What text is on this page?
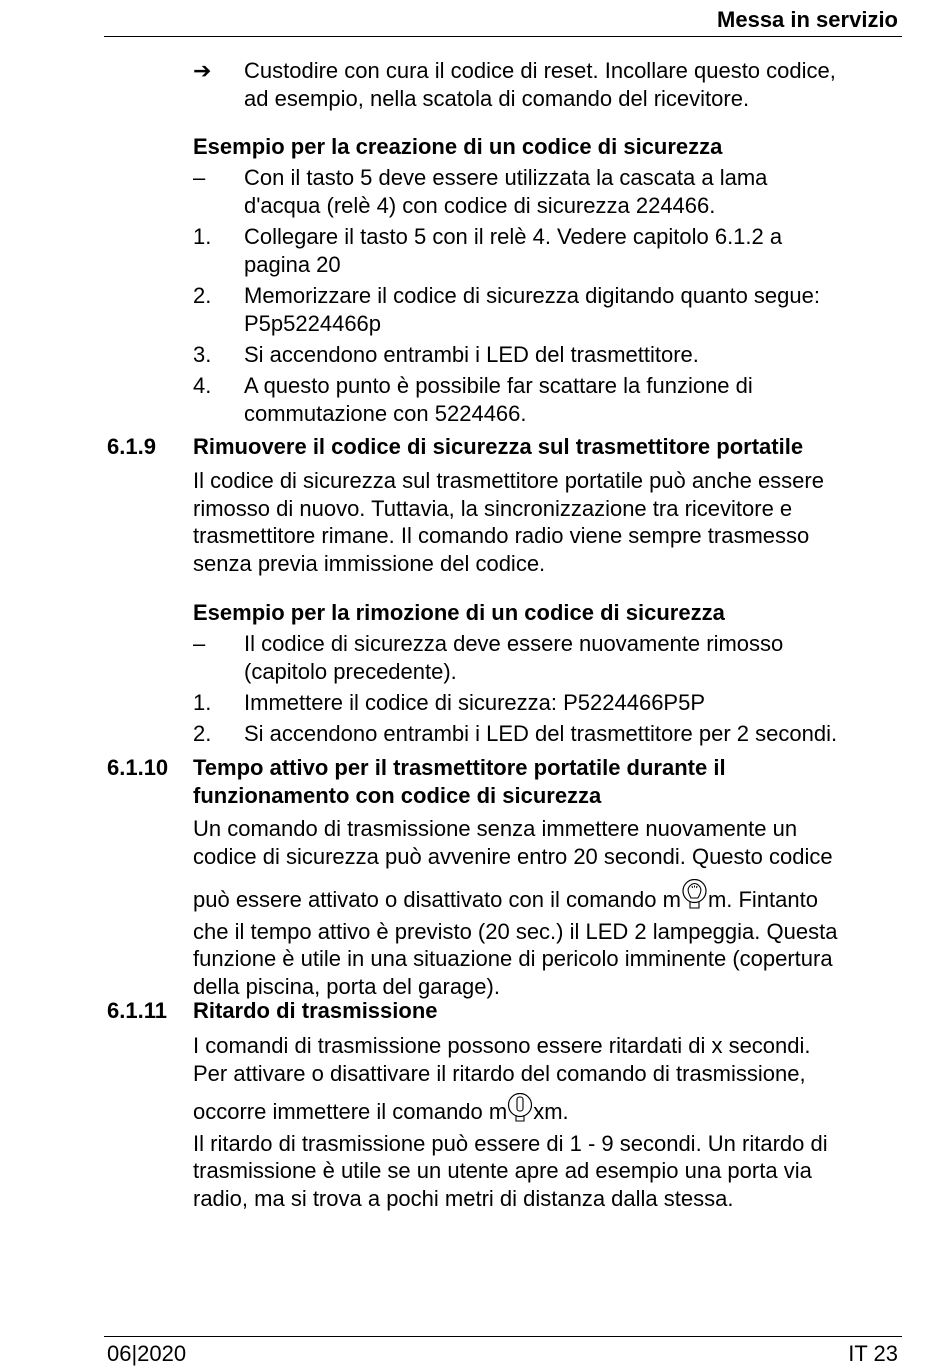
Messa in servizio
➔ Custodire con cura il codice di reset. Incollare questo codice,
ad esempio, nella scatola di comando del ricevitore.
Esempio per la creazione di un codice di sicurezza
– Con il tasto 5 deve essere utilizzata la cascata a lama
d'acqua (relè 4) con codice di sicurezza 224466.
1. Collegare il tasto 5 con il relè 4. Vedere capitolo 6.1.2 a
pagina 20
2. Memorizzare il codice di sicurezza digitando quanto segue:
P5p5224466p
3. Si accendono entrambi i LED del trasmettitore.
4. A questo punto è possibile far scattare la funzione di
commutazione con 5224466.
6.1.9 Rimuovere il codice di sicurezza sul trasmettitore portatile
Il codice di sicurezza sul trasmettitore portatile può anche essere
rimosso di nuovo. Tuttavia, la sincronizzazione tra ricevitore e
trasmettitore rimane. Il comando radio viene sempre trasmesso
senza previa immissione del codice.
Esempio per la rimozione di un codice di sicurezza
– Il codice di sicurezza deve essere nuovamente rimosso
(capitolo precedente).
1. Immettere il codice di sicurezza: P5224466P5P
2. Si accendono entrambi i LED del trasmettitore per 2 secondi.
6.1.10 Tempo attivo per il trasmettitore portatile durante il
funzionamento con codice di sicurezza
Un comando di trasmissione senza immettere nuovamente un
codice di sicurezza può avvenire entro 20 secondi. Questo codice
può essere attivato o disattivato con il comando m m. Fintanto
che il tempo attivo è previsto (20 sec.) il LED 2 lampeggia. Questa
funzione è utile in una situazione di pericolo imminente (copertura
della piscina, porta del garage).
6.1.11 Ritardo di trasmissione
I comandi di trasmissione possono essere ritardati di x secondi.
Per attivare o disattivare il ritardo del comando di trasmissione,
occorre immettere il comando m xm.
Il ritardo di trasmissione può essere di 1 - 9 secondi. Un ritardo di
trasmissione è utile se un utente apre ad esempio una porta via
radio, ma si trova a pochi metri di distanza dalla stessa.
06|2020	IT 23
